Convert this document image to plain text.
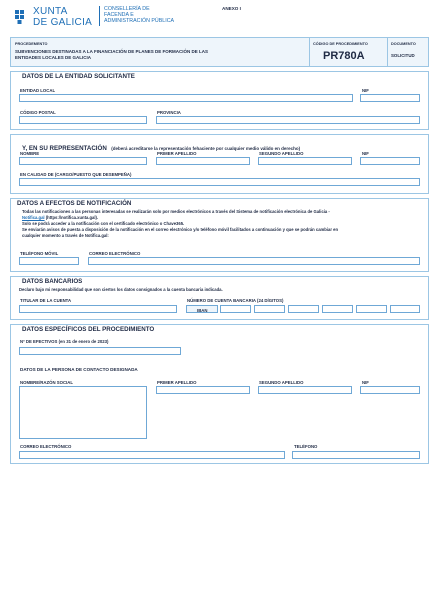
XUNTA
DE GALICIA
CONSELLERÍA DE
FACENDA E
ADMINISTRACIÓN PÚBLICA
ANEXO I
PROCEDEMENTO
SUBVENCIONES DESTINADAS A LA FINANCIACIÓN DE PLANES DE FORMACIÓN DE LAS
ENTIDADES LOCALES DE GALICIA
CÓDIGO DE PROCEDIMIENTO
PR780A
DOCUMENTO
SOLICITUD
DATOS DE LA ENTIDAD SOLICITANTE
ENTIDAD LOCAL	NIF
CÓDIGO POSTAL	PROVINCIA
Y, EN SU REPRESENTACIÓN (deberá acreditarse la representación fehaciente por cualquier medio válido en derecho)
NOMBRE	PRIMER APELLIDO	SEGUNDO APELLIDO	NIF
EN CALIDAD DE (CARGO/PUESTO QUE DESEMPEÑA)
DATOS A EFECTOS DE NOTIFICACIÓN
Todas las notificaciones a las personas interesadas se realizarán solo por medios electrónicos a través del Sistema de notificación electrónica de Galicia -
Notifica.gal (https://notifica.xunta.gal).
Solo se podrá acceder a la notificación con el certificado electrónico o Chave365.
Se enviarán avisos de puesta a disposición de la notificación en el correo electrónico y/o teléfono móvil facilitados a continuación y que se podrán cambiar en
cualquier momento a través de Notifica.gal:
TELÉFONO MÓVIL	CORREO ELECTRÓNICO
DATOS BANCARIOS
Declaro bajo mi responsabilidad que son ciertos los datos consignados a la cuenta bancaria indicada.
TITULAR DE LA CUENTA	NÚMERO DE CUENTA BANCARIA (24 DÍGITOS)
IBAN
DATOS ESPECÍFICOS DEL PROCEDIMIENTO
Nº DE EFECTIVOS (en 31 de enero de 2023)
DATOS DE LA PERSONA DE CONTACTO DESIGNADA
NOMBRE/RAZÓN SOCIAL	PRIMER APELLIDO	SEGUNDO APELLIDO	NIF
CORREO ELECTRÓNICO	TELÉFONO
